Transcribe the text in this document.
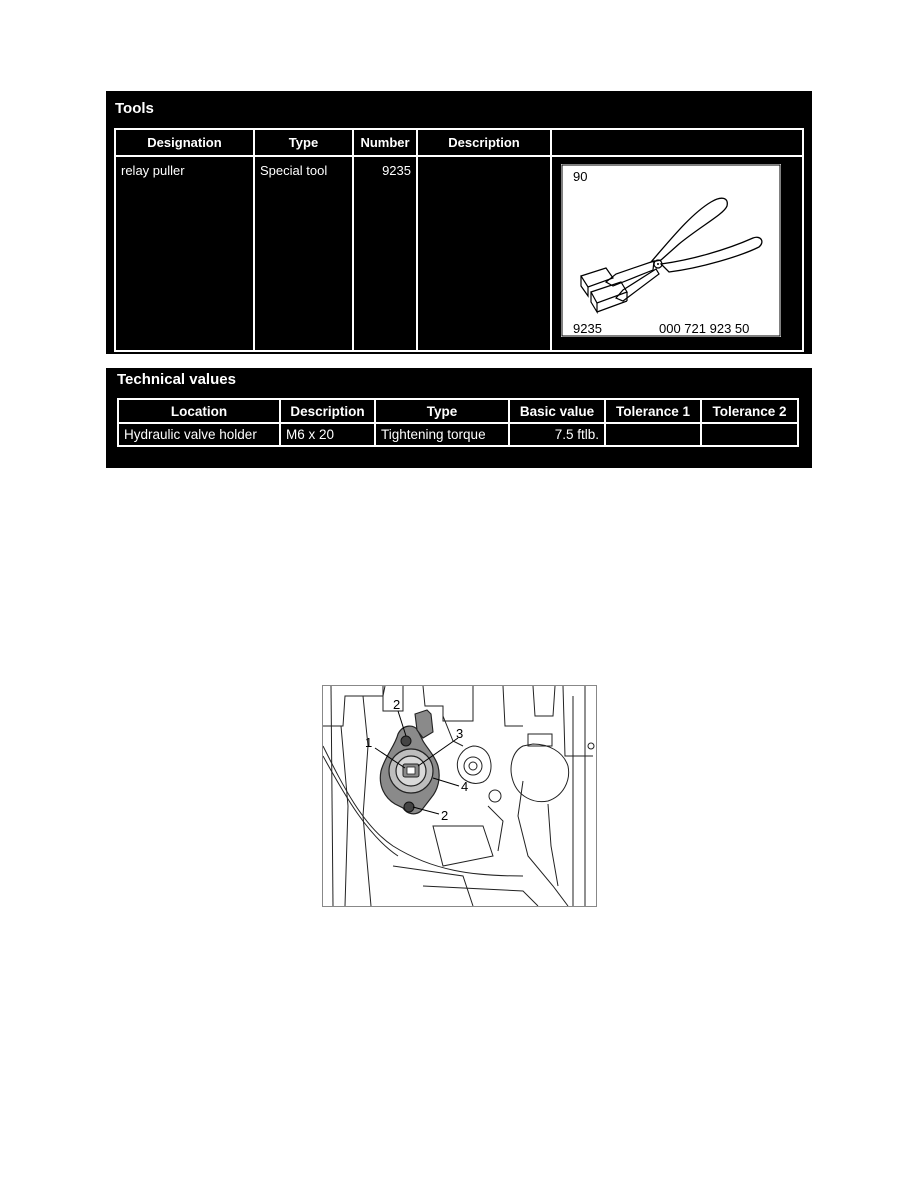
Tools
Designation	Type	Number	Description	
relay puller	Special tool	9235		90
9235 000 721 923 50
Technical values
Location	Description	Type	Basic value	Tolerance 1	Tolerance 2
Hydraulic valve holder	M6 x 20	Tightening torque	7.5 ftlb.		
2
1
3
4
2
